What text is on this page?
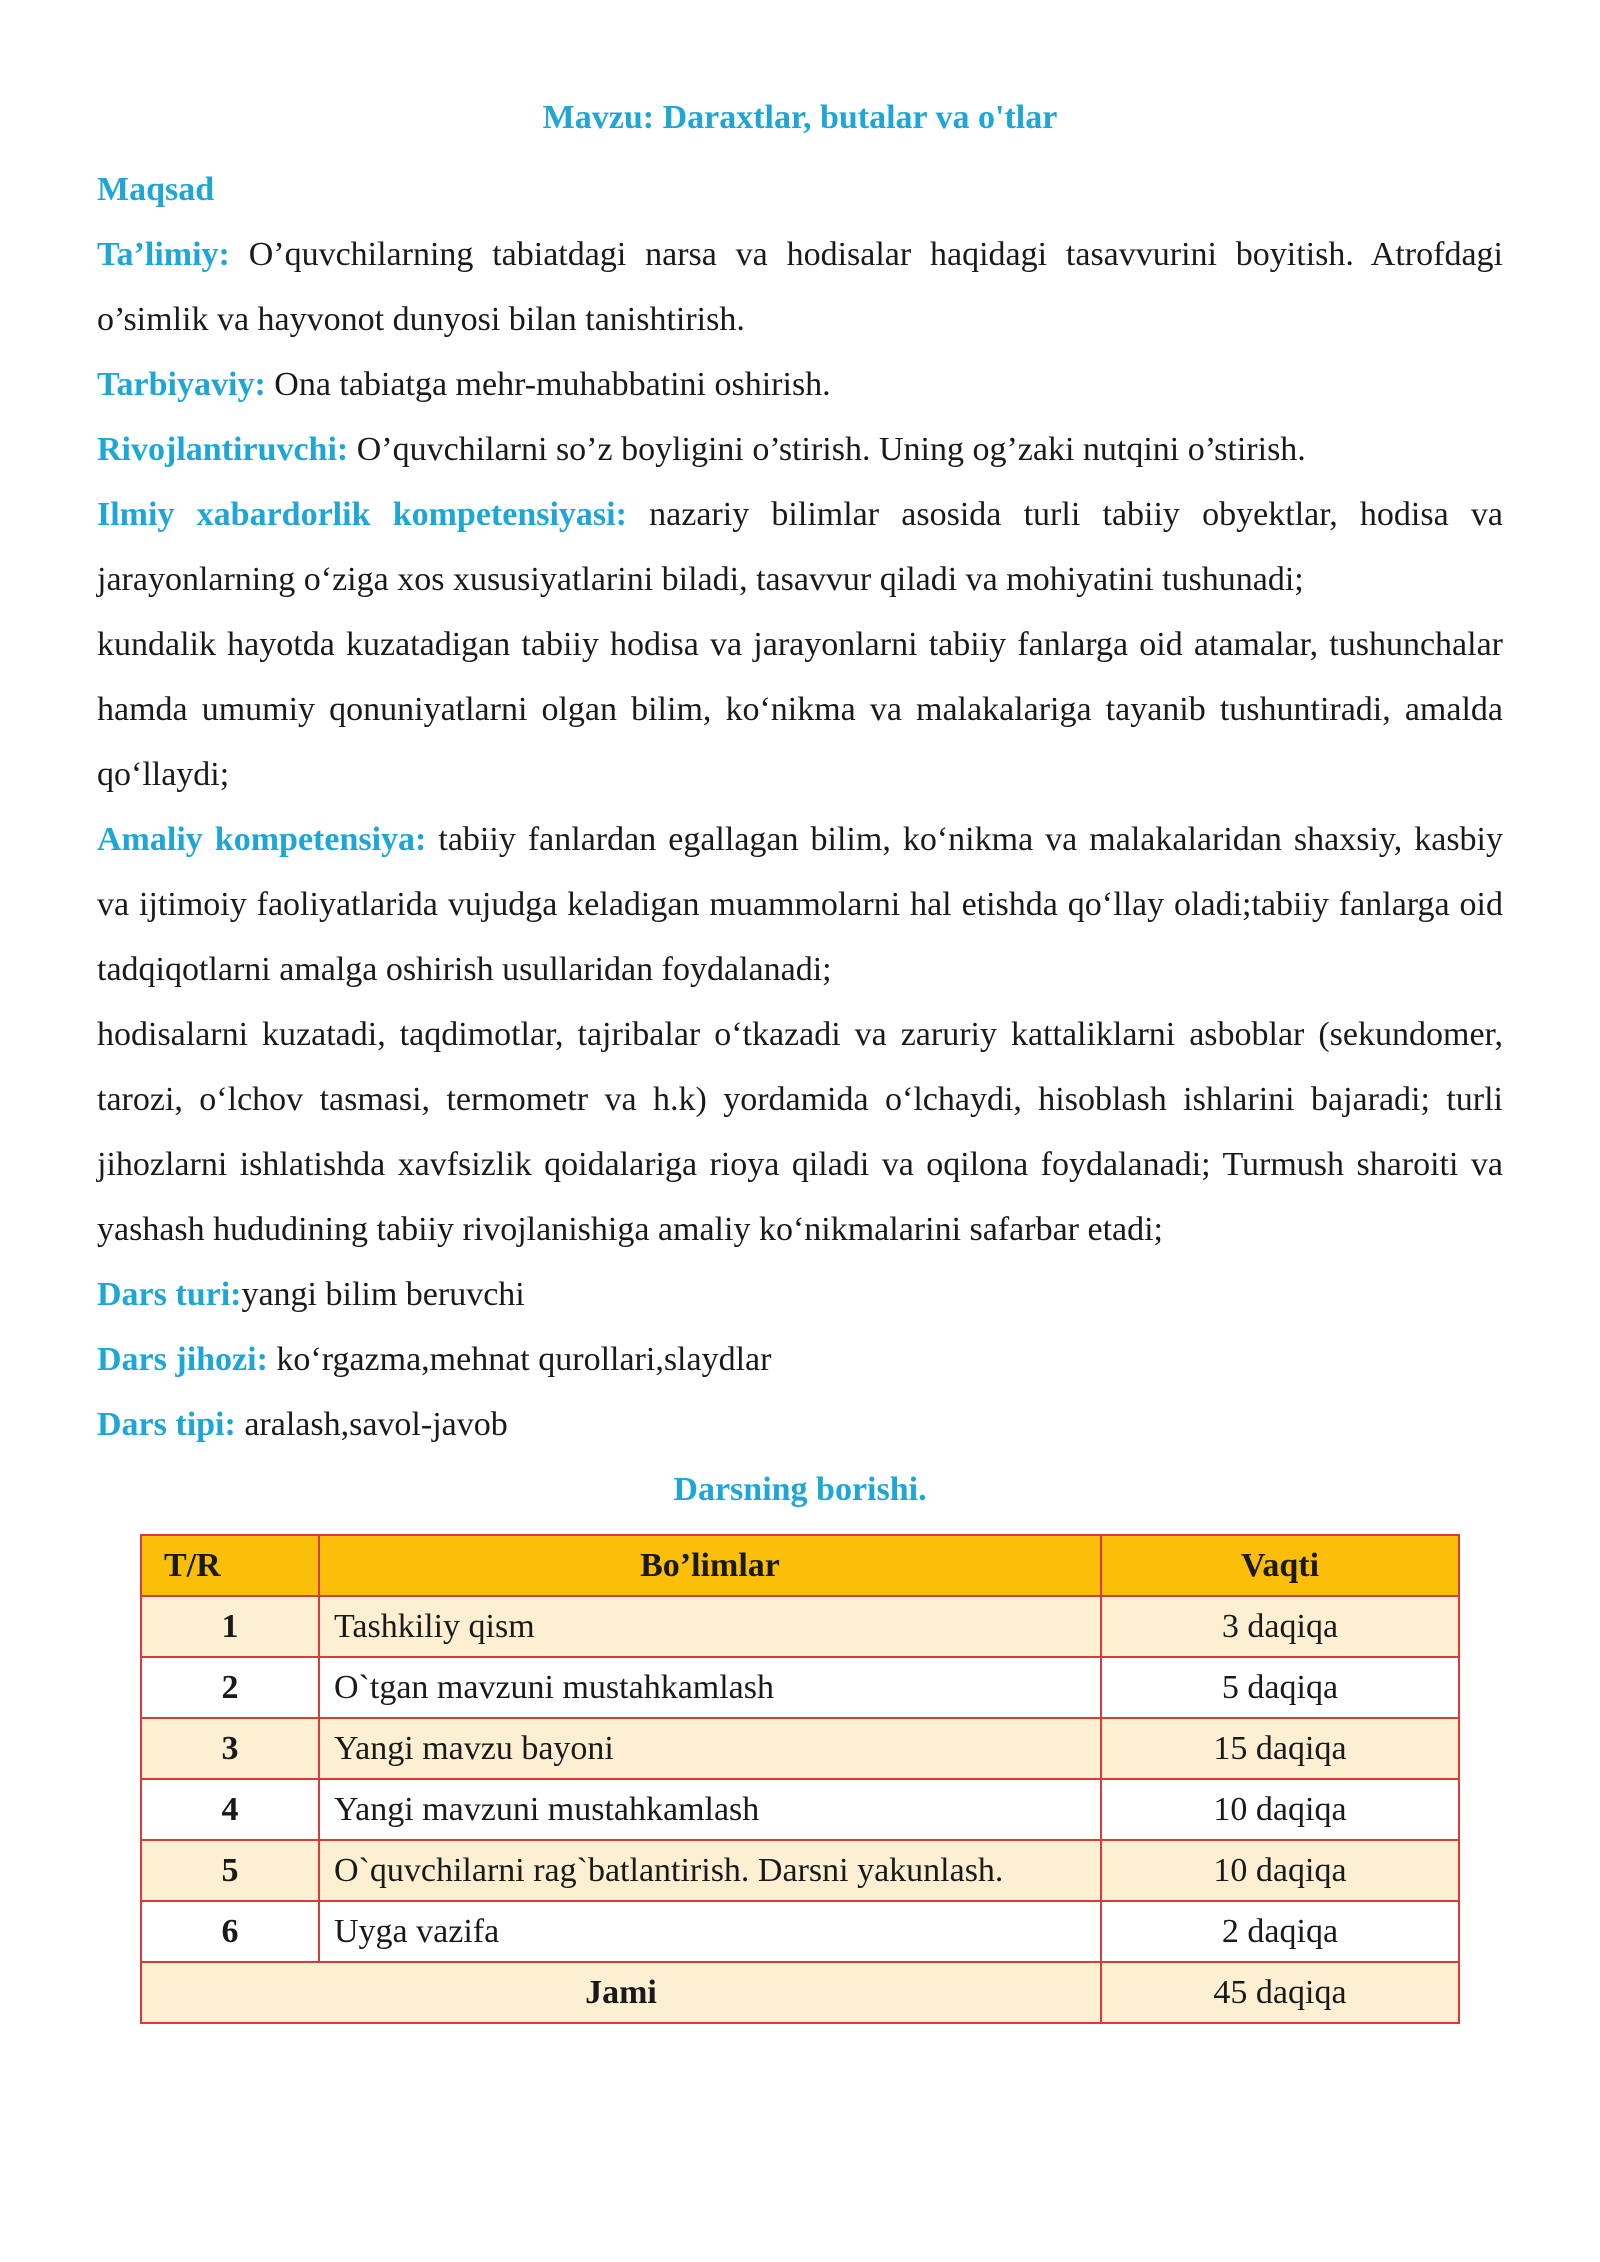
Mavzu: Daraxtlar, butalar va o'tlar

Maqsad

Ta’limiy: O’quvchilarning tabiatdagi narsa va hodisalar haqidagi tasavvurini boyitish. Atrofdagi o’simlik va hayvonot dunyosi bilan tanishtirish.

Tarbiyaviy: Ona tabiatga mehr-muhabbatini oshirish.

Rivojlantiruvchi: O’quvchilarni so’z boyligini o’stirish. Uning og’zaki nutqini o’stirish.

Ilmiy xabardorlik kompetensiyasi: nazariy bilimlar asosida turli tabiiy obyektlar, hodisa va jarayonlarning o‘ziga xos xususiyatlarini biladi, tasavvur qiladi va mohiyatini tushunadi;

kundalik hayotda kuzatadigan tabiiy hodisa va jarayonlarni tabiiy fanlarga oid atamalar, tushunchalar hamda umumiy qonuniyatlarni olgan bilim, ko‘nikma va malakalariga tayanib tushuntiradi, amalda qo‘llaydi;

Amaliy kompetensiya: tabiiy fanlardan egallagan bilim, ko‘nikma va malakalaridan shaxsiy, kasbiy va ijtimoiy faoliyatlarida vujudga keladigan muammolarni hal etishda qo‘llay oladi;tabiiy fanlarga oid tadqiqotlarni amalga oshirish usullaridan foydalanadi;

hodisalarni kuzatadi, taqdimotlar, tajribalar o‘tkazadi va zaruriy kattaliklarni asboblar (sekundomer, tarozi, o‘lchov tasmasi, termometr va h.k) yordamida o‘lchaydi, hisoblash ishlarini bajaradi; turli jihozlarni ishlatishda xavfsizlik qoidalariga rioya qiladi va oqilona foydalanadi; Turmush sharoiti va yashash hududining tabiiy rivojlanishiga amaliy ko‘nikmalarini safarbar etadi;

Dars turi:yangi bilim beruvchi

Dars jihozi: ko‘rgazma,mehnat qurollari,slaydlar

Dars tipi: aralash,savol-javob

Darsning borishi.
T/R	Bo’limlar	Vaqti
1	Tashkiliy qism	3 daqiqa
2	O`tgan mavzuni mustahkamlash	5 daqiqa
3	Yangi mavzu bayoni	15 daqiqa
4	Yangi mavzuni mustahkamlash	10 daqiqa
5	O`quvchilarni rag`batlantirish. Darsni yakunlash.	10 daqiqa
6	Uyga vazifa	2 daqiqa
Jami		45 daqiqa
